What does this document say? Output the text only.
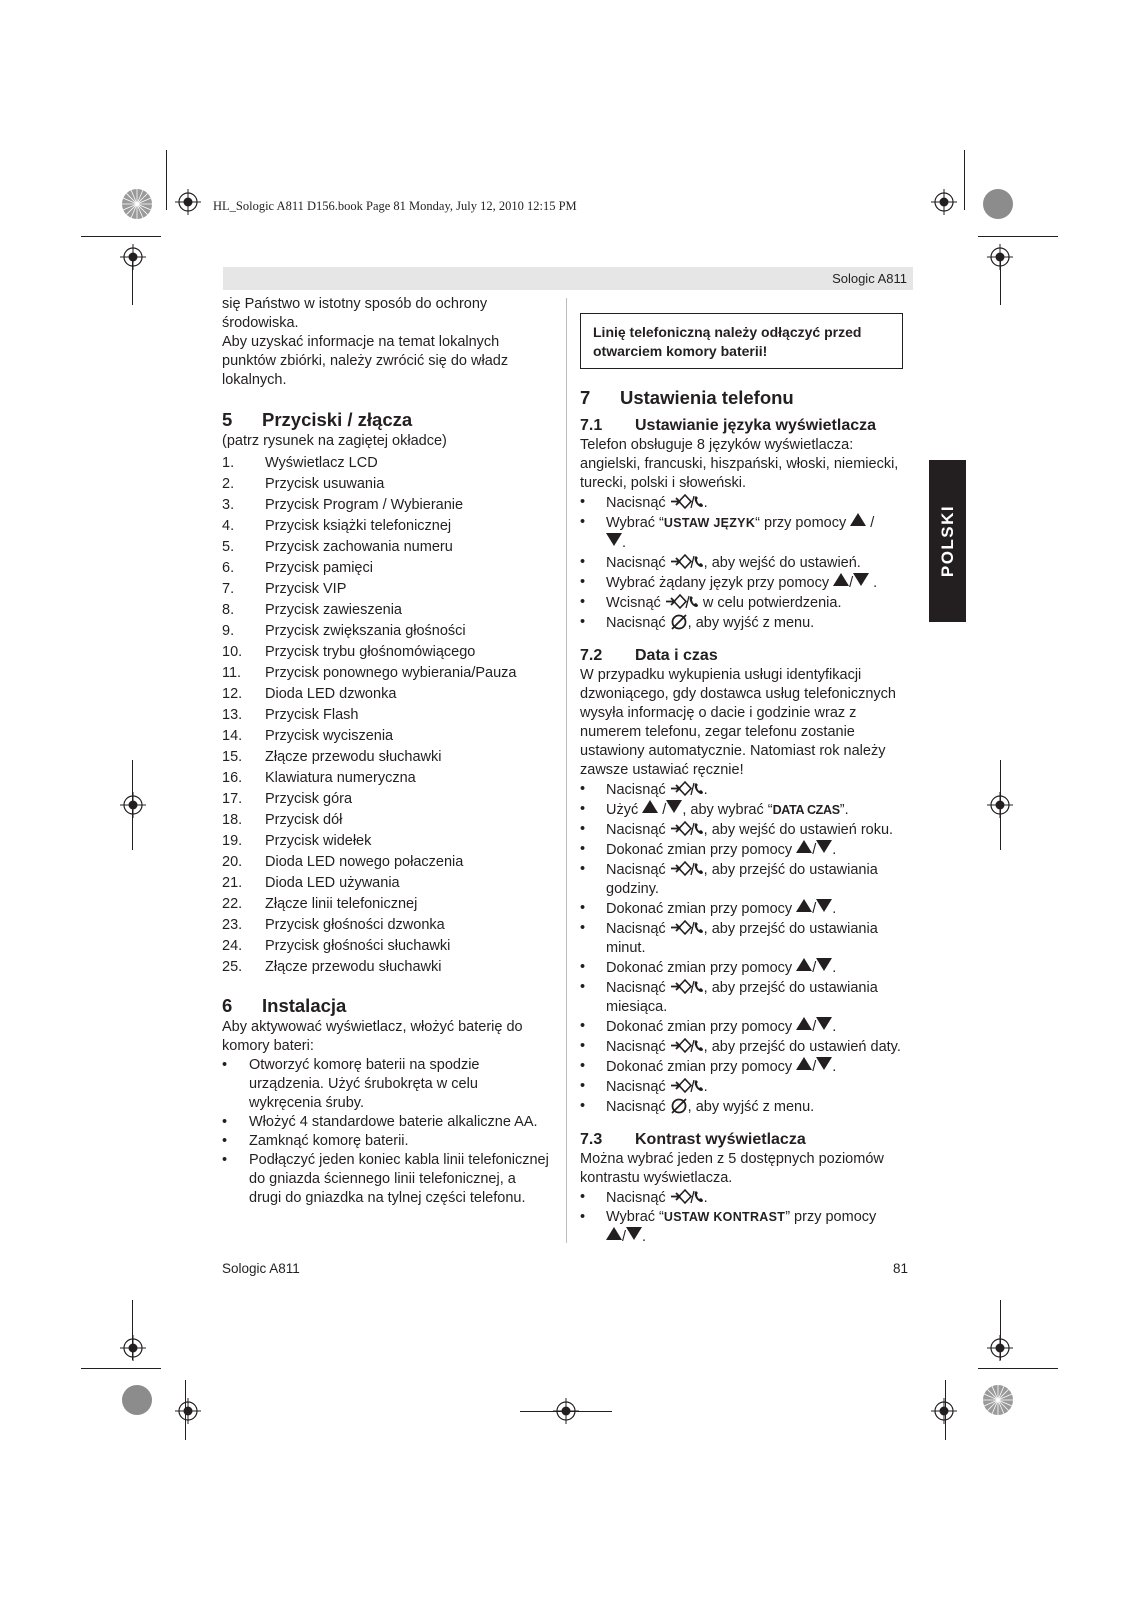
HL_Sologic A811 D156.book Page 81 Monday, July 12, 2010 12:15 PM
Sologic A811

się Państwo w istotny sposób do ochrony

środowiska.

Aby uzyskać informacje na temat lokalnych

punktów zbiórki, należy zwrócić się do władz

lokalnych.

5 Przyciski / złącza

(patrz rysunek na zagiętej okładce)

1.	Wyświetlacz LCD
2.	Przycisk usuwania
3.	Przycisk Program / Wybieranie
4.	Przycisk książki telefonicznej
5.	Przycisk zachowania numeru
6.	Przycisk pamięci
7.	Przycisk VIP
8.	Przycisk zawieszenia
9.	Przycisk zwiększania głośności
10.	Przycisk trybu głośnomówiącego
11.	Przycisk ponownego wybierania/Pauza
12.	Dioda LED dzwonka
13.	Przycisk Flash
14.	Przycisk wyciszenia
15.	Złącze przewodu słuchawki
16.	Klawiatura numeryczna
17.	Przycisk góra
18.	Przycisk dół
19.	Przycisk widełek
20.	Dioda LED nowego połaczenia
21.	Dioda LED używania
22.	Złącze linii telefonicznej
23.	Przycisk głośności dzwonka
24.	Przycisk głośności słuchawki
25.	Złącze przewodu słuchawki
6 Instalacja

Aby aktywować wyświetlacz, włożyć baterię do komory bateri:

• Otworzyć komorę baterii na spodzie urządzenia. Użyć śrubokręta w celu wykręcenia śruby.
• Włożyć 4 standardowe baterie alkaliczne AA.
• Zamknąć komorę baterii.
• Podłączyć jeden koniec kabla linii telefonicznej do gniazda ściennego linii telefonicznej, a drugi do gniazdka na tylnej części telefonu.
Linię telefoniczną należy odłączyć przed otwarciem komory baterii!
7 Ustawienia telefonu
7.1 Ustawianie języka wyświetlacza

Telefon obsługuje 8 języków wyświetlacza: angielski, francuski, hiszpański, włoski, niemiecki, turecki, polski i słoweński.

• Nacisnąć	.
• Wybrać “USTAW JĘZYK“ przy pomocy  /
.
• Nacisnąć	, aby wejść do ustawień.
• Wybrać żądany język przy pomocy / .
• Wcisnąć	w celu potwierdzenia.
• Nacisnąć , aby wyjść z menu.
7.2 Data i czas

W przypadku wykupienia usługi identyfikacji dzwoniącego, gdy dostawca usług telefonicznych wysyła informację o dacie i godzinie wraz z numerem telefonu, zegar telefonu zostanie ustawiony automatycznie. Natomiast rok należy zawsze ustawiać ręcznie!

• Nacisnąć	.
• Użyć  / , aby wybrać “DATA CZAS”.
• Nacisnąć	, aby wejść do ustawień roku.
• Dokonać zmian przy pomocy / .
• Nacisnąć	, aby przejść do ustawiania godziny.
• Dokonać zmian przy pomocy / .
• Nacisnąć	, aby przejść do ustawiania minut.
• Dokonać zmian przy pomocy / .
• Nacisnąć	, aby przejść do ustawiania miesiąca.
• Dokonać zmian przy pomocy / .
• Nacisnąć	, aby przejść do ustawień daty.
• Dokonać zmian przy pomocy / .
• Nacisnąć	.
• Nacisnąć , aby wyjść z menu.
7.3 Kontrast wyświetlacza

Można wybrać jeden z 5 dostępnych poziomów kontrastu wyświetlacza.

• Nacisnąć	.
• Wybrać “USTAW KONTRAST” przy pomocy
/ .
POLSKI
Sologic A811	81
